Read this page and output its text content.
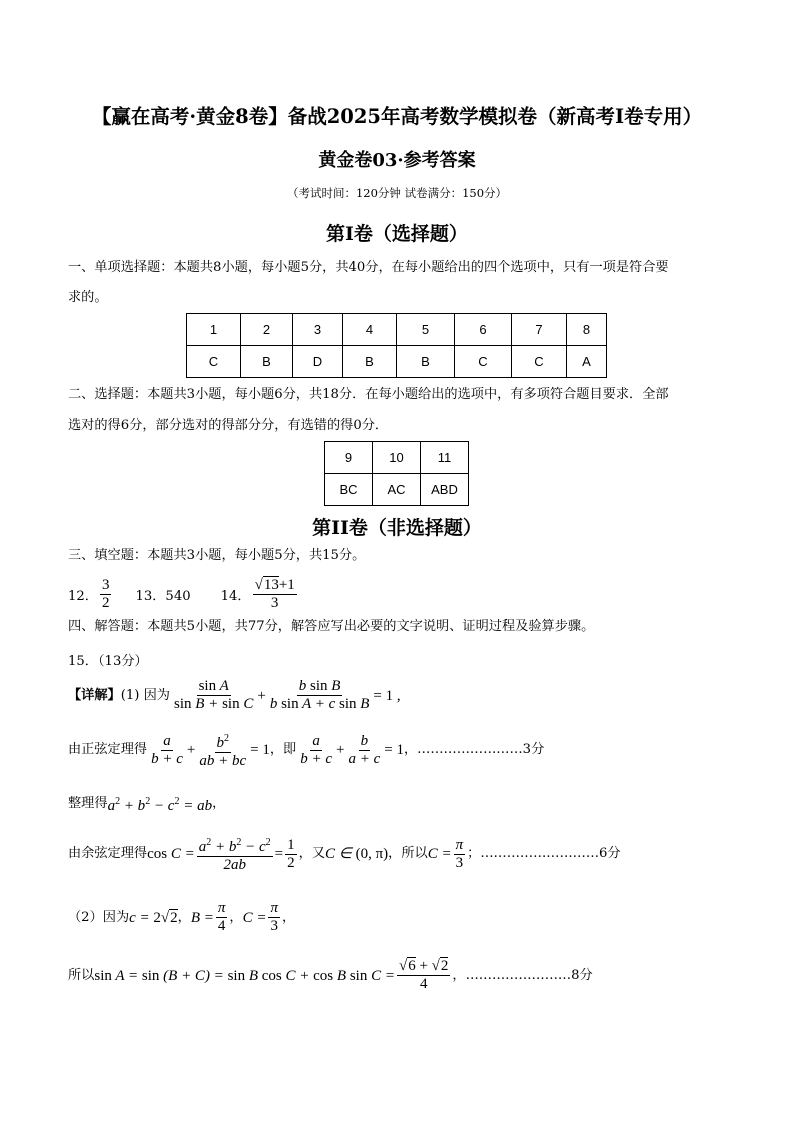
【赢在高考·黄金8卷】备战2025年高考数学模拟卷（新高考Ⅰ卷专用）
黄金卷03·参考答案
（考试时间：120分钟 试卷满分：150分）
第I卷（选择题）
一、单项选择题：本题共8小题，每小题5分，共40分，在每小题给出的四个选项中，只有一项是符合要
求的。
1	2	3	4	5	6	7	8
C	B	D	B	B	C	C	A
二、选择题：本题共3小题，每小题6分，共18分．在每小题给出的选项中，有多项符合题目要求．全部
选对的得6分，部分选对的得部分分，有选错的得0分．
9	10	11
BC	AC	ABD
第II卷（非选择题）
三、填空题：本题共3小题，每小题5分，共15分。
12． $\frac{3}{2} 13$．540 14． $\frac{√13+1}{3}$
四、解答题：本题共5小题，共77分，解答应写出必要的文字说明、证明过程及验算步骤。
15．（13分）
【详解】 (1) 因为 $\frac{\text{sin A}}{\text{sin B + sin C}} + \frac{\text{b sin B}}{\text{b sin A + c sin B}} = 1$ ,
由正弦定理得 $\frac{a}{b + c} + \frac{b^2}{ab + bc} = 1$ ，即 $\frac{a}{b + c} + \frac{b}{a + c} = 1$ ，……………………3分
整理得 $a^2 + b^2 - c^2$ = ab ，
由余弦定理得 $\cos C = \frac{a^2 + b^2 - c^2}{2ab} = \frac{1}{2}$ ，又 C ∈ (0, π) ，所以 $C = \frac{\pi}{3}$ ；………………………6分
（2）因为 c = 2√2 ， $B = \frac{\pi}{4}$ ， $C = \frac{\pi}{3}$ ，
所以 sin A = sin (B + C) = sin B cos C + cos B $\sin C = \frac{√6 + √2}{4}$ ，……………………8分
